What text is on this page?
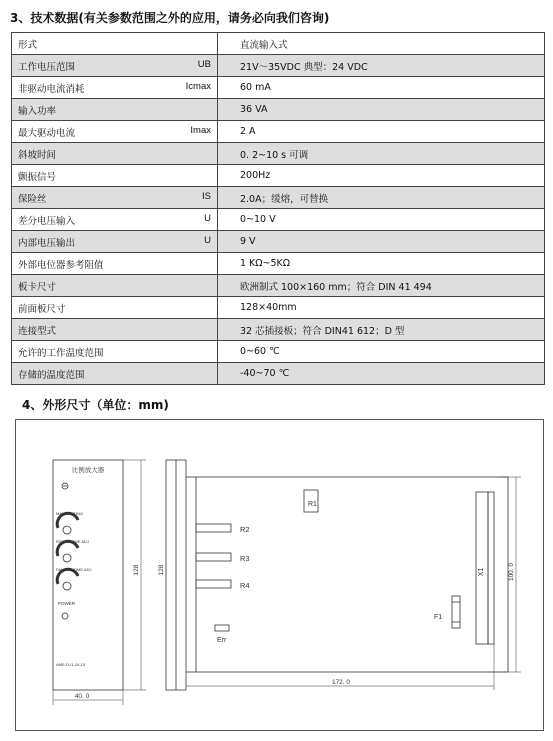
3、技术数据(有关参数范围之外的应用，请务必向我们咨询)
形式	直流输入式

工作电压范围 UB	21V～35VDC 典型：24 VDC

非驱动电流消耗 Icmax	60 mA

输入功率	36 VA

最大驱动电流 Imax	2 A

斜坡时间	0. 2~10 s 可调

颤振信号	200Hz

保险丝 IS	2.0A；缓熔，可替换

差分电压输入 U	0~10 V

内部电压输出 U	9 V

外部电位器参考阻值	1 KΩ~5KΩ

板卡尺寸	欧洲制式 100×160 mm；符合 DIN 41 494

前面板尺寸	128×40mm

连接型式	32 芯插接板；符合 DIN41 612；D 型

允许的工作温度范围	0~60 ℃

存储的温度范围	-40~70 ℃
4、外形尺寸（单位：mm)
比例放大器
MAX SETTING
RISING TIME ADJ
FALLING TIME ADJ
POWER
AME-D-I1-24-10
40. 0
128	128	X1
R1
R2
R3
R4
Err
F1
100. 0
172. 0
